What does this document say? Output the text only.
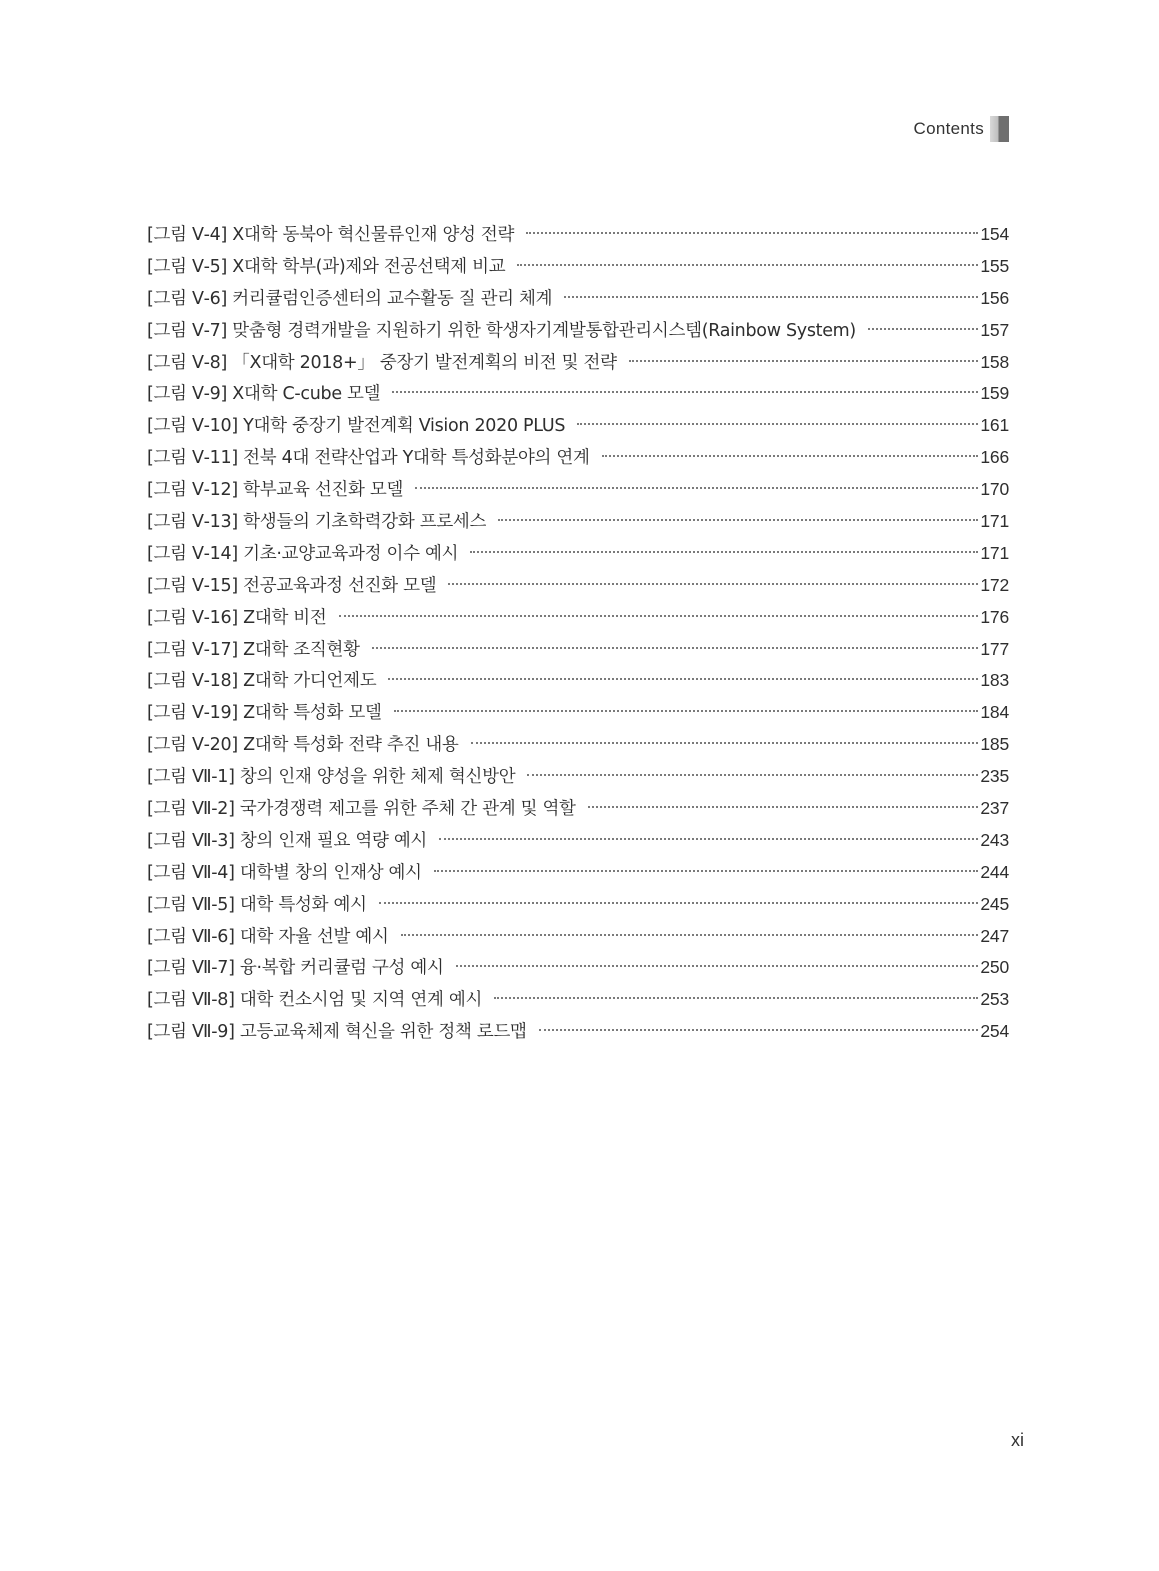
Contents
[그림 Ⅴ-4] X대학 동북아 혁신물류인재 양성 전략	154
[그림 Ⅴ-5] X대학 학부(과)제와 전공선택제 비교	155
[그림 Ⅴ-6] 커리큘럼인증센터의 교수활동 질 관리 체계	156
[그림 Ⅴ-7] 맞춤형 경력개발을 지원하기 위한 학생자기계발통합관리시스템(Rainbow System)	157
[그림 Ⅴ-8] 「X대학 2018+」 중장기 발전계획의 비전 및 전략	158
[그림 Ⅴ-9] X대학 C-cube 모델	159
[그림 Ⅴ-10] Y대학 중장기 발전계획 Vision 2020 PLUS	161
[그림 Ⅴ-11] 전북 4대 전략산업과 Y대학 특성화분야의 연계	166
[그림 Ⅴ-12] 학부교육 선진화 모델	170
[그림 Ⅴ-13] 학생들의 기초학력강화 프로세스	171
[그림 Ⅴ-14] 기초·교양교육과정 이수 예시	171
[그림 Ⅴ-15] 전공교육과정 선진화 모델	172
[그림 Ⅴ-16] Z대학 비전	176
[그림 Ⅴ-17] Z대학 조직현황	177
[그림 Ⅴ-18] Z대학 가디언제도	183
[그림 Ⅴ-19] Z대학 특성화 모델	184
[그림 Ⅴ-20] Z대학 특성화 전략 추진 내용	185
[그림 Ⅶ-1] 창의 인재 양성을 위한 체제 혁신방안	235
[그림 Ⅶ-2] 국가경쟁력 제고를 위한 주체 간 관계 및 역할	237
[그림 Ⅶ-3] 창의 인재 필요 역량 예시	243
[그림 Ⅶ-4] 대학별 창의 인재상 예시	244
[그림 Ⅶ-5] 대학 특성화 예시	245
[그림 Ⅶ-6] 대학 자율 선발 예시	247
[그림 Ⅶ-7] 융·복합 커리큘럼 구성 예시	250
[그림 Ⅶ-8] 대학 컨소시엄 및 지역 연계 예시	253
[그림 Ⅶ-9] 고등교육체제 혁신을 위한 정책 로드맵	254
xi
